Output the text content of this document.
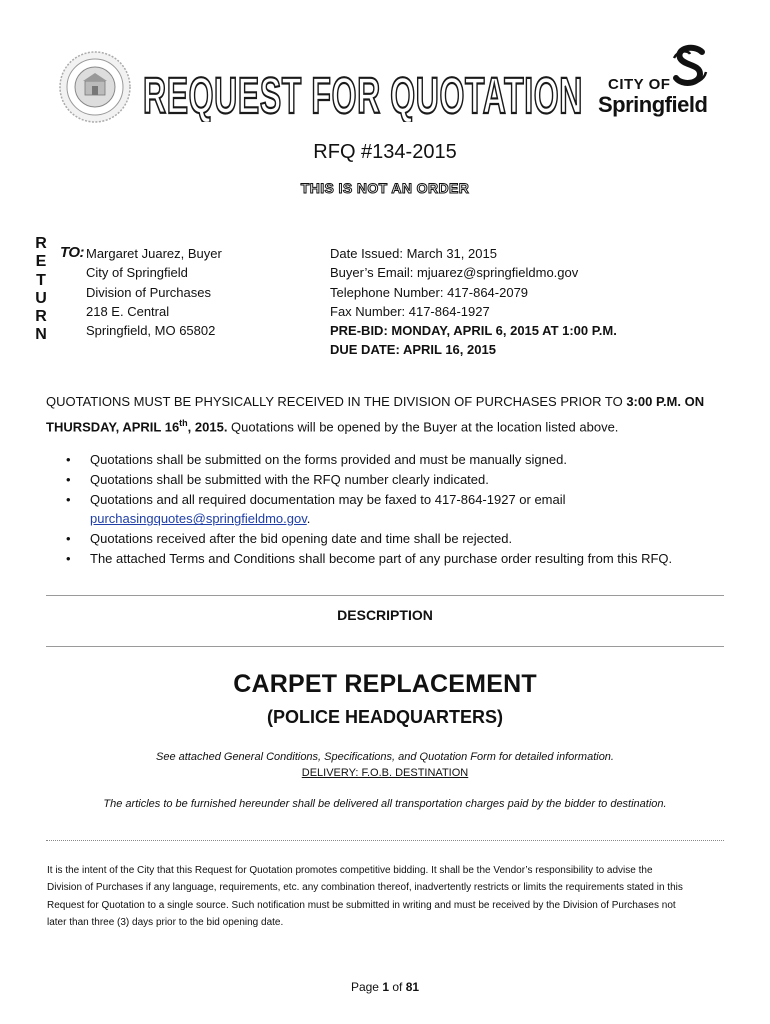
REQUEST FOR QUOTATION CITY OF
Springfield
RFQ #134-2015
THIS IS NOT AN ORDER
R
E
T
U
R
N
TO: Margaret Juarez, Buyer
City of Springfield
Division of Purchases
218 E. Central
Springfield, MO 65802
Date Issued: March 31, 2015
Buyer’s Email: mjuarez@springfieldmo.gov
Telephone Number: 417-864-2079
Fax Number: 417-864-1927
PRE-BID: MONDAY, APRIL 6, 2015 AT 1:00 P.M.
DUE DATE: APRIL 16, 2015
QUOTATIONS MUST BE PHYSICALLY RECEIVED IN THE DIVISION OF PURCHASES PRIOR TO 3:00 P.M. ON THURSDAY, APRIL 16th, 2015. Quotations will be opened by the Buyer at the location listed above.
• Quotations shall be submitted on the forms provided and must be manually signed.
• Quotations shall be submitted with the RFQ number clearly indicated.
• Quotations and all required documentation may be faxed to 417-864-1927 or email
purchasingquotes@springfieldmo.gov.
• Quotations received after the bid opening date and time shall be rejected.
• The attached Terms and Conditions shall become part of any purchase order resulting from this RFQ.
DESCRIPTION
CARPET REPLACEMENT
(POLICE HEADQUARTERS)
See attached General Conditions, Specifications, and Quotation Form for detailed information.
DELIVERY: F.O.B. DESTINATION
The articles to be furnished hereunder shall be delivered all transportation charges paid by the bidder to destination.
It is the intent of the City that this Request for Quotation promotes competitive bidding. It shall be the Vendor’s responsibility to advise the
Division of Purchases if any language, requirements, etc. any combination thereof, inadvertently restricts or limits the requirements stated in this
Request for Quotation to a single source. Such notification must be submitted in writing and must be received by the Division of Purchases not
later than three (3) days prior to the bid opening date.
Page 1 of 81
